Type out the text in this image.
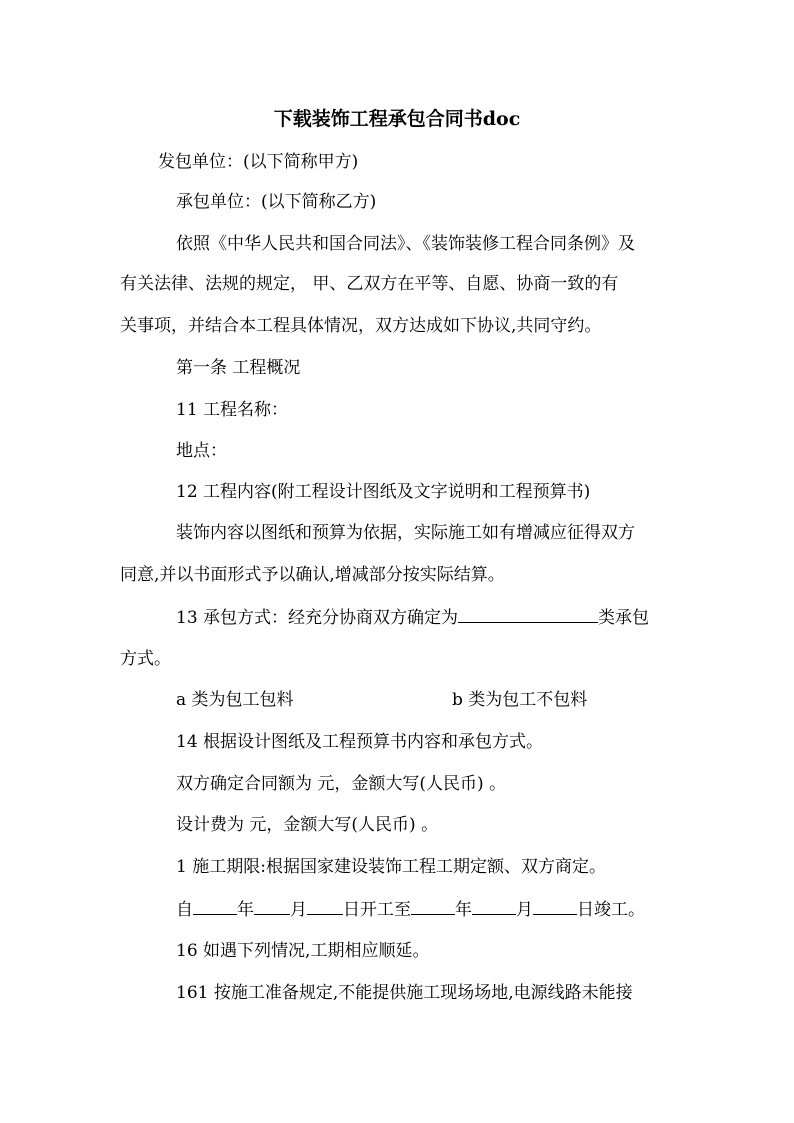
下载装饰工程承包合同书doc
发包单位：(以下简称甲方)
承包单位：(以下简称乙方)
依照《中华人民共和国合同法》、《装饰装修工程合同条例》及
有关法律、法规的规定， 甲、乙双方在平等、自愿、协商一致的有
关事项，并结合本工程具体情况，双方达成如下协议,共同守约。
第一条 工程概况
11 工程名称：
地点：
12 工程内容(附工程设计图纸及文字说明和工程预算书)
装饰内容以图纸和预算为依据，实际施工如有增减应征得双方
同意,并以书面形式予以确认,增减部分按实际结算。
13 承包方式：经充分协商双方确定为	类承包
方式。
a 类为包工包料	b 类为包工不包料
14 根据设计图纸及工程预算书内容和承包方式。
双方确定合同额为 元，金额大写(人民币) 。
设计费为 元，金额大写(人民币) 。
1 施工期限:根据国家建设装饰工程工期定额、双方商定。
自	年 月 日开工至	年	月	日竣工。
16 如遇下列情况,工期相应顺延。
161 按施工准备规定,不能提供施工现场场地,电源线路未能接
